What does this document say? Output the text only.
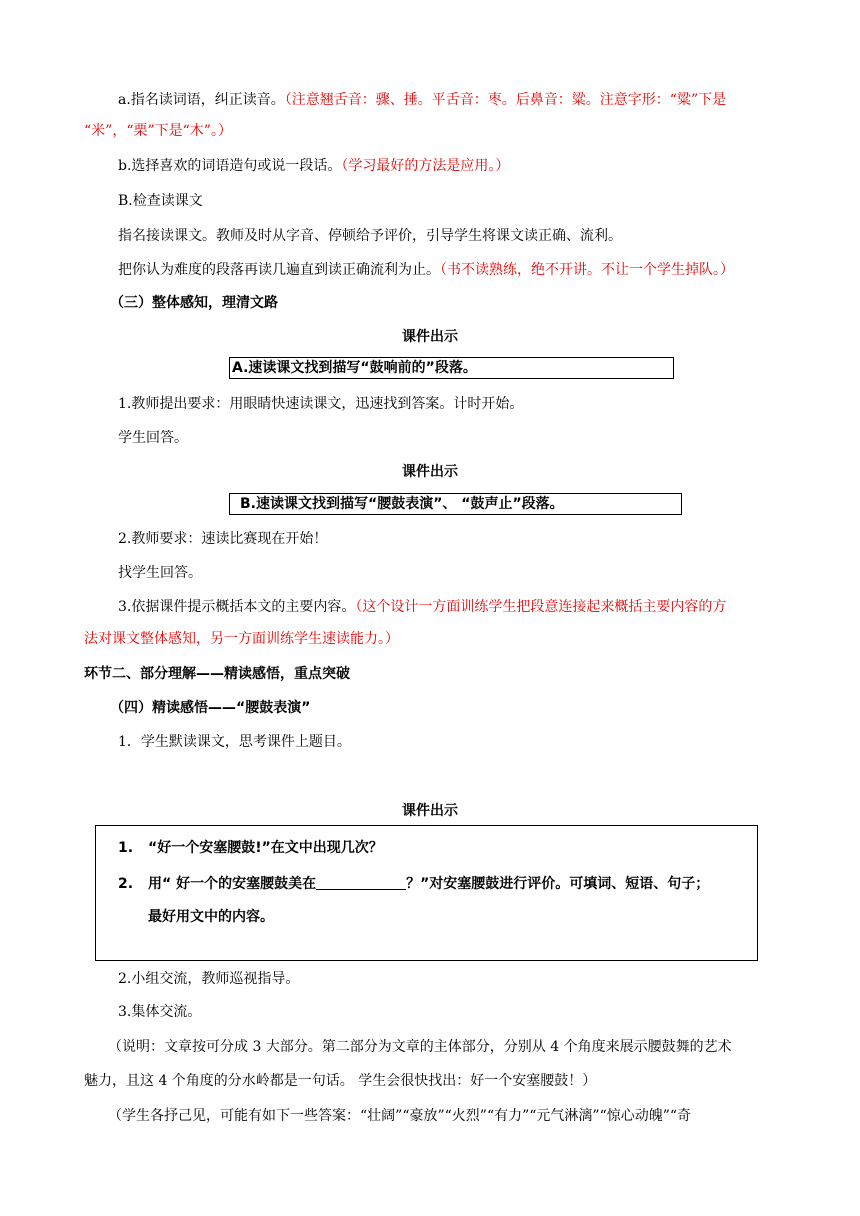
a.指名读词语，纠正读音。（注意翘舌音：骤、捶。平舌音：枣。后鼻音：粱。注意字形：“粱”下是
“米”，“栗”下是“木”。）
b.选择喜欢的词语造句或说一段话。（学习最好的方法是应用。）
B.检查读课文
指名接读课文。教师及时从字音、停顿给予评价，引导学生将课文读正确、流利。
把你认为难度的段落再读几遍直到读正确流利为止。（书不读熟练，绝不开讲。不让一个学生掉队。）
（三）整体感知，理清文路
课件出示
A.速读课文找到描写“鼓响前的”段落。
1.教师提出要求：用眼睛快速读课文，迅速找到答案。计时开始。
学生回答。
课件出示
B.速读课文找到描写“腰鼓表演”、 “鼓声止”段落。
2.教师要求：速读比赛现在开始！
找学生回答。
3.依据课件提示概括本文的主要内容。（这个设计一方面训练学生把段意连接起来概括主要内容的方
法对课文整体感知，另一方面训练学生速读能力。）
环节二、部分理解——精读感悟，重点突破
（四）精读感悟——“腰鼓表演”
1．学生默读课文，思考课件上题目。
课件出示
1. “好一个安塞腰鼓!”在文中出现几次？
2. 用“ 好一个的安塞腰鼓美在	？”对安塞腰鼓进行评价。可填词、短语、句子；
最好用文中的内容。
2.小组交流，教师巡视指导。
3.集体交流。
（说明：文章按可分成 3 大部分。第二部分为文章的主体部分，分别从 4 个角度来展示腰鼓舞的艺术
魅力，且这 4 个角度的分水岭都是一句话。 学生会很快找出：好一个安塞腰鼓！）
（学生各抒己见，可能有如下一些答案：“壮阔”“豪放”“火烈”“有力”“元气淋漓”“惊心动魄”“奇
